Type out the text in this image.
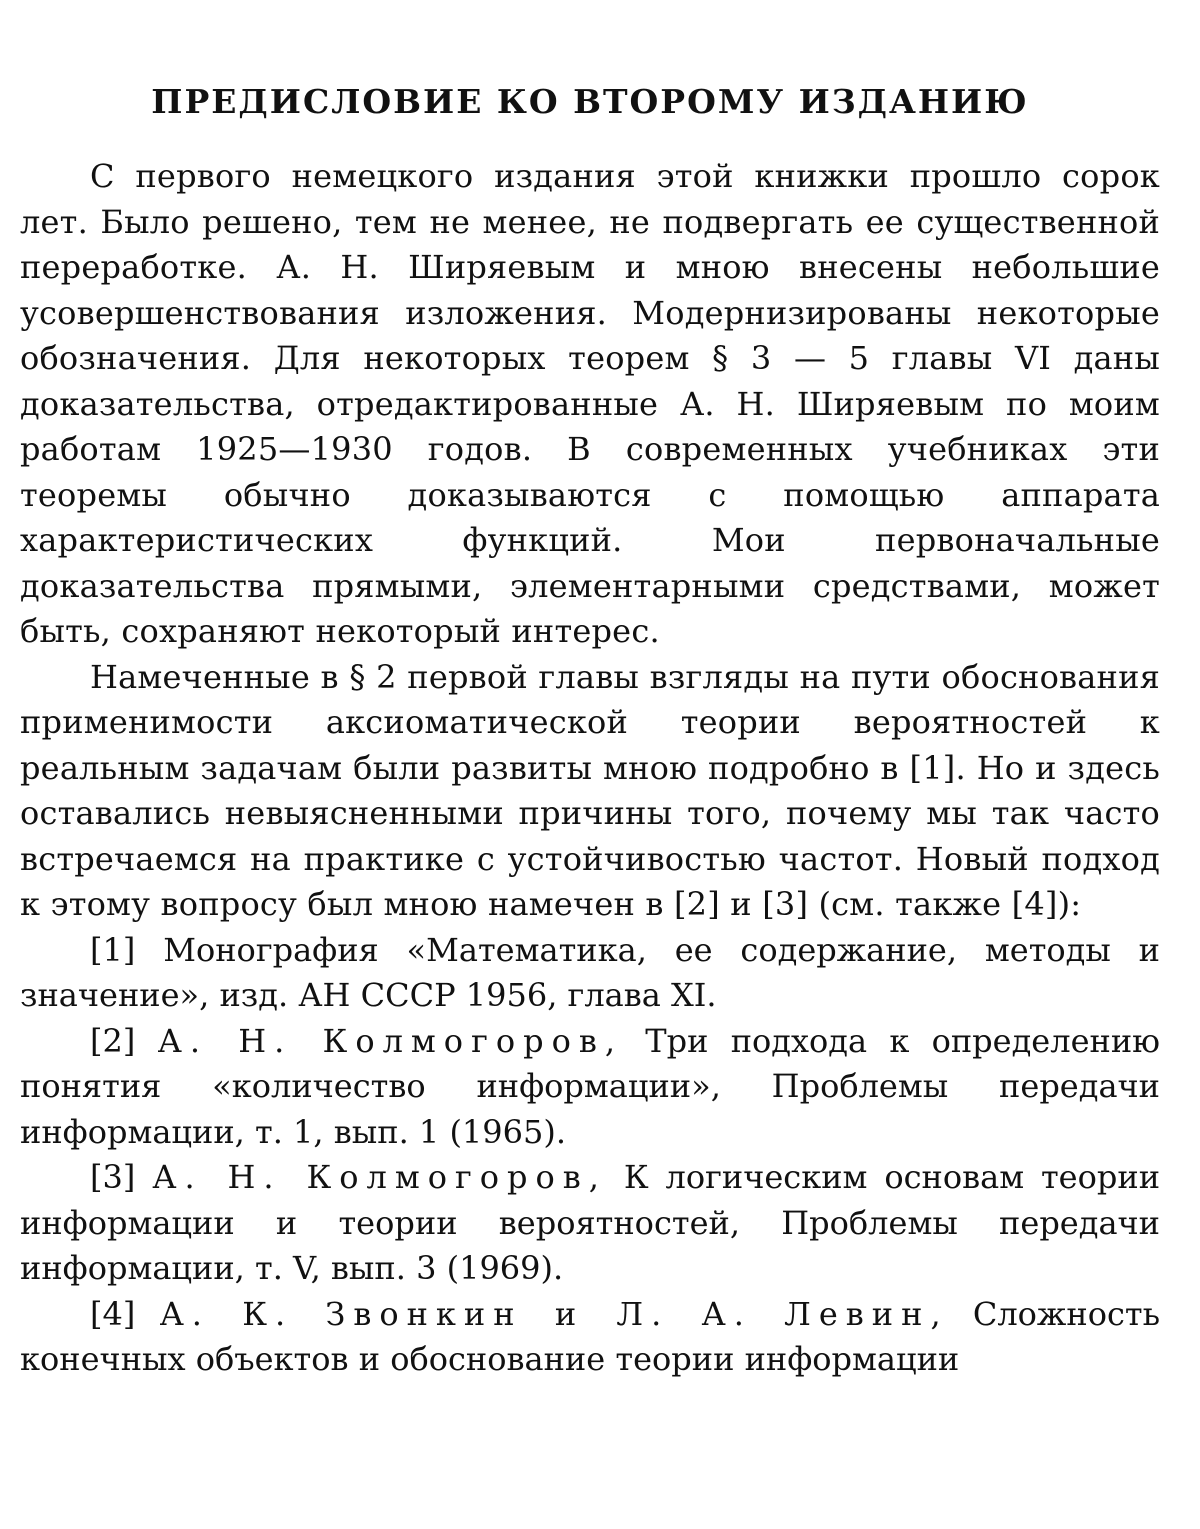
ПРЕДИСЛОВИЕ КО ВТОРОМУ ИЗДАНИЮ

С первого немецкого издания этой книжки прошло сорок лет. Было решено, тем не менее, не подвергать ее существенной переработке. А. Н. Ширяевым и мною внесены небольшие усовершенствования изложения. Модернизированы некоторые обозначения. Для некоторых теорем § 3 — 5 главы VI даны доказательства, отредактированные А. Н. Ширяевым по моим работам 1925—1930 годов. В современных учебниках эти теоремы обычно доказываются с помощью аппарата характеристических функций. Мои первоначальные доказательства прямыми, элементарными средствами, может быть, сохраняют некоторый интерес.

Намеченные в § 2 первой главы взгляды на пути обоснования применимости аксиоматической теории вероятностей к реальным задачам были развиты мною подробно в [1]. Но и здесь оставались невыясненными причины того, почему мы так часто встречаемся на практике с устойчивостью частот. Новый подход к этому вопросу был мною намечен в [2] и [3] (см. также [4]):

[1] Монография «Математика, ее содержание, методы и значение», изд. АН СССР 1956, глава XI.

[2] А. Н. Колмогоров, Три подхода к определению понятия «количество информации», Проблемы передачи информации, т. 1, вып. 1 (1965).

[3] А. Н. Колмогоров, К логическим основам теории информации и теории вероятностей, Проблемы передачи информации, т. V, вып. 3 (1969).

[4] А. К. Звонкин и Л. А. Левин, Сложность конечных объектов и обоснование теории информации
